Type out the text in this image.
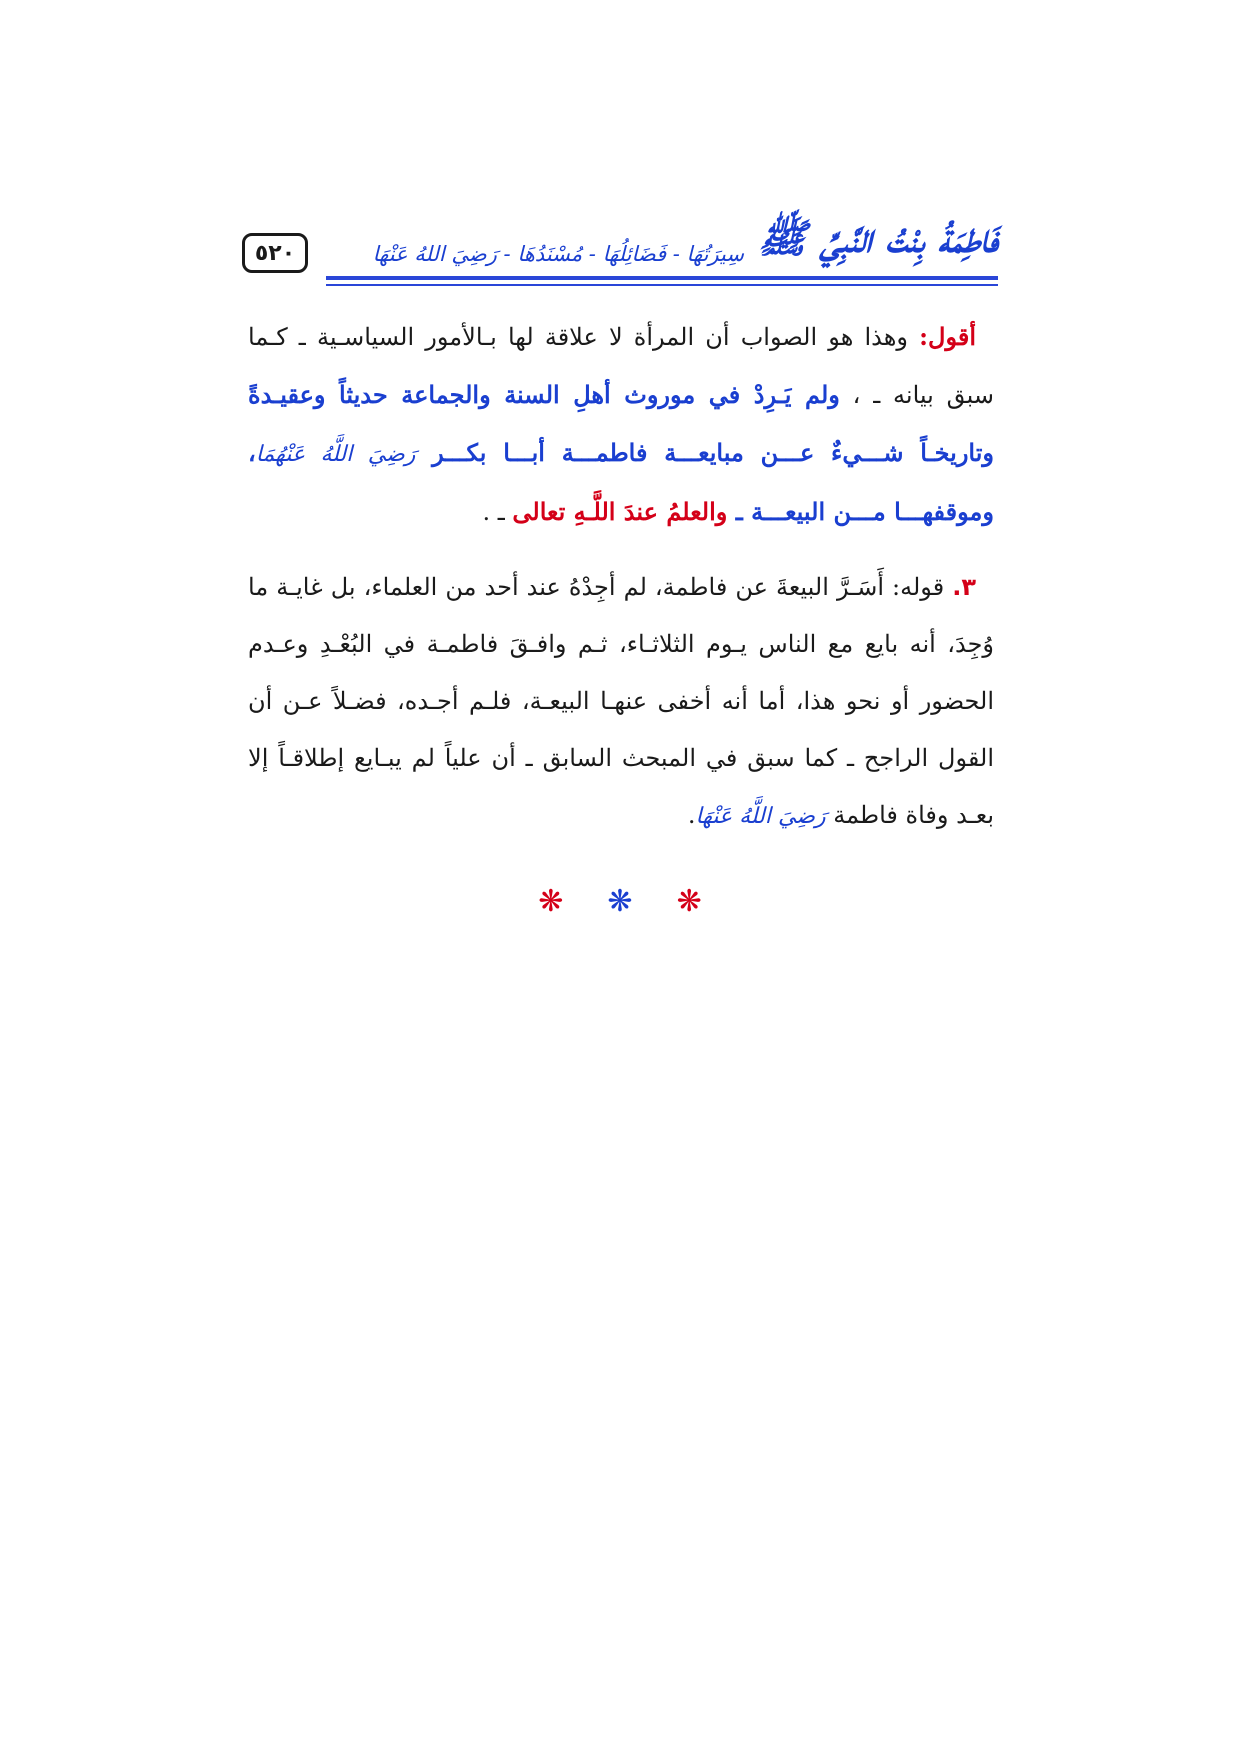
٥٢٠	فَاطِمَةُ بِنْتُ النَّبِيِّ ﷺ
سِيرَتُهَا - فَضَائِلُهَا - مُسْنَدُهَا - رَضِيَ اللهُ عَنْهَا

أقول: وهذا هو الصواب أن المرأة لا علاقة لها بـالأمور السياسـية ـ كـما سبق بيانه ـ ، ولم يَـرِدْ في موروث أهلِ السنة والجماعة حديثاً وعقيـدةً وتاريخـاً شـــيءٌ عـــن مبايعـــة فاطمـــة أبـــا بكـــر رَضِيَ اللَّهُ عَنْهُمَا، وموقفهـــا مـــن البيعـــة ـ والعلمُ عندَ اللَّـهِ تعالى ـ .

٣. قوله: أَسَـرَّ البيعةَ عن فاطمة، لم أجِدْهُ عند أحد من العلماء، بل غايـة ما وُجِدَ، أنه بايع مع الناس يـوم الثلاثـاء، ثـم وافـقَ فاطمـة في البُعْـدِ وعـدم الحضور أو نحو هذا، أما أنه أخفى عنهـا البيعـة، فلـم أجـده، فضـلاً عـن أن القول الراجح ـ كما سبق في المبحث السابق ـ أن علياً لم يبـايع إطلاقـاً إلا بعـد وفاة فاطمة رَضِيَ اللَّهُ عَنْهَا.

❋ ❋ ❋
